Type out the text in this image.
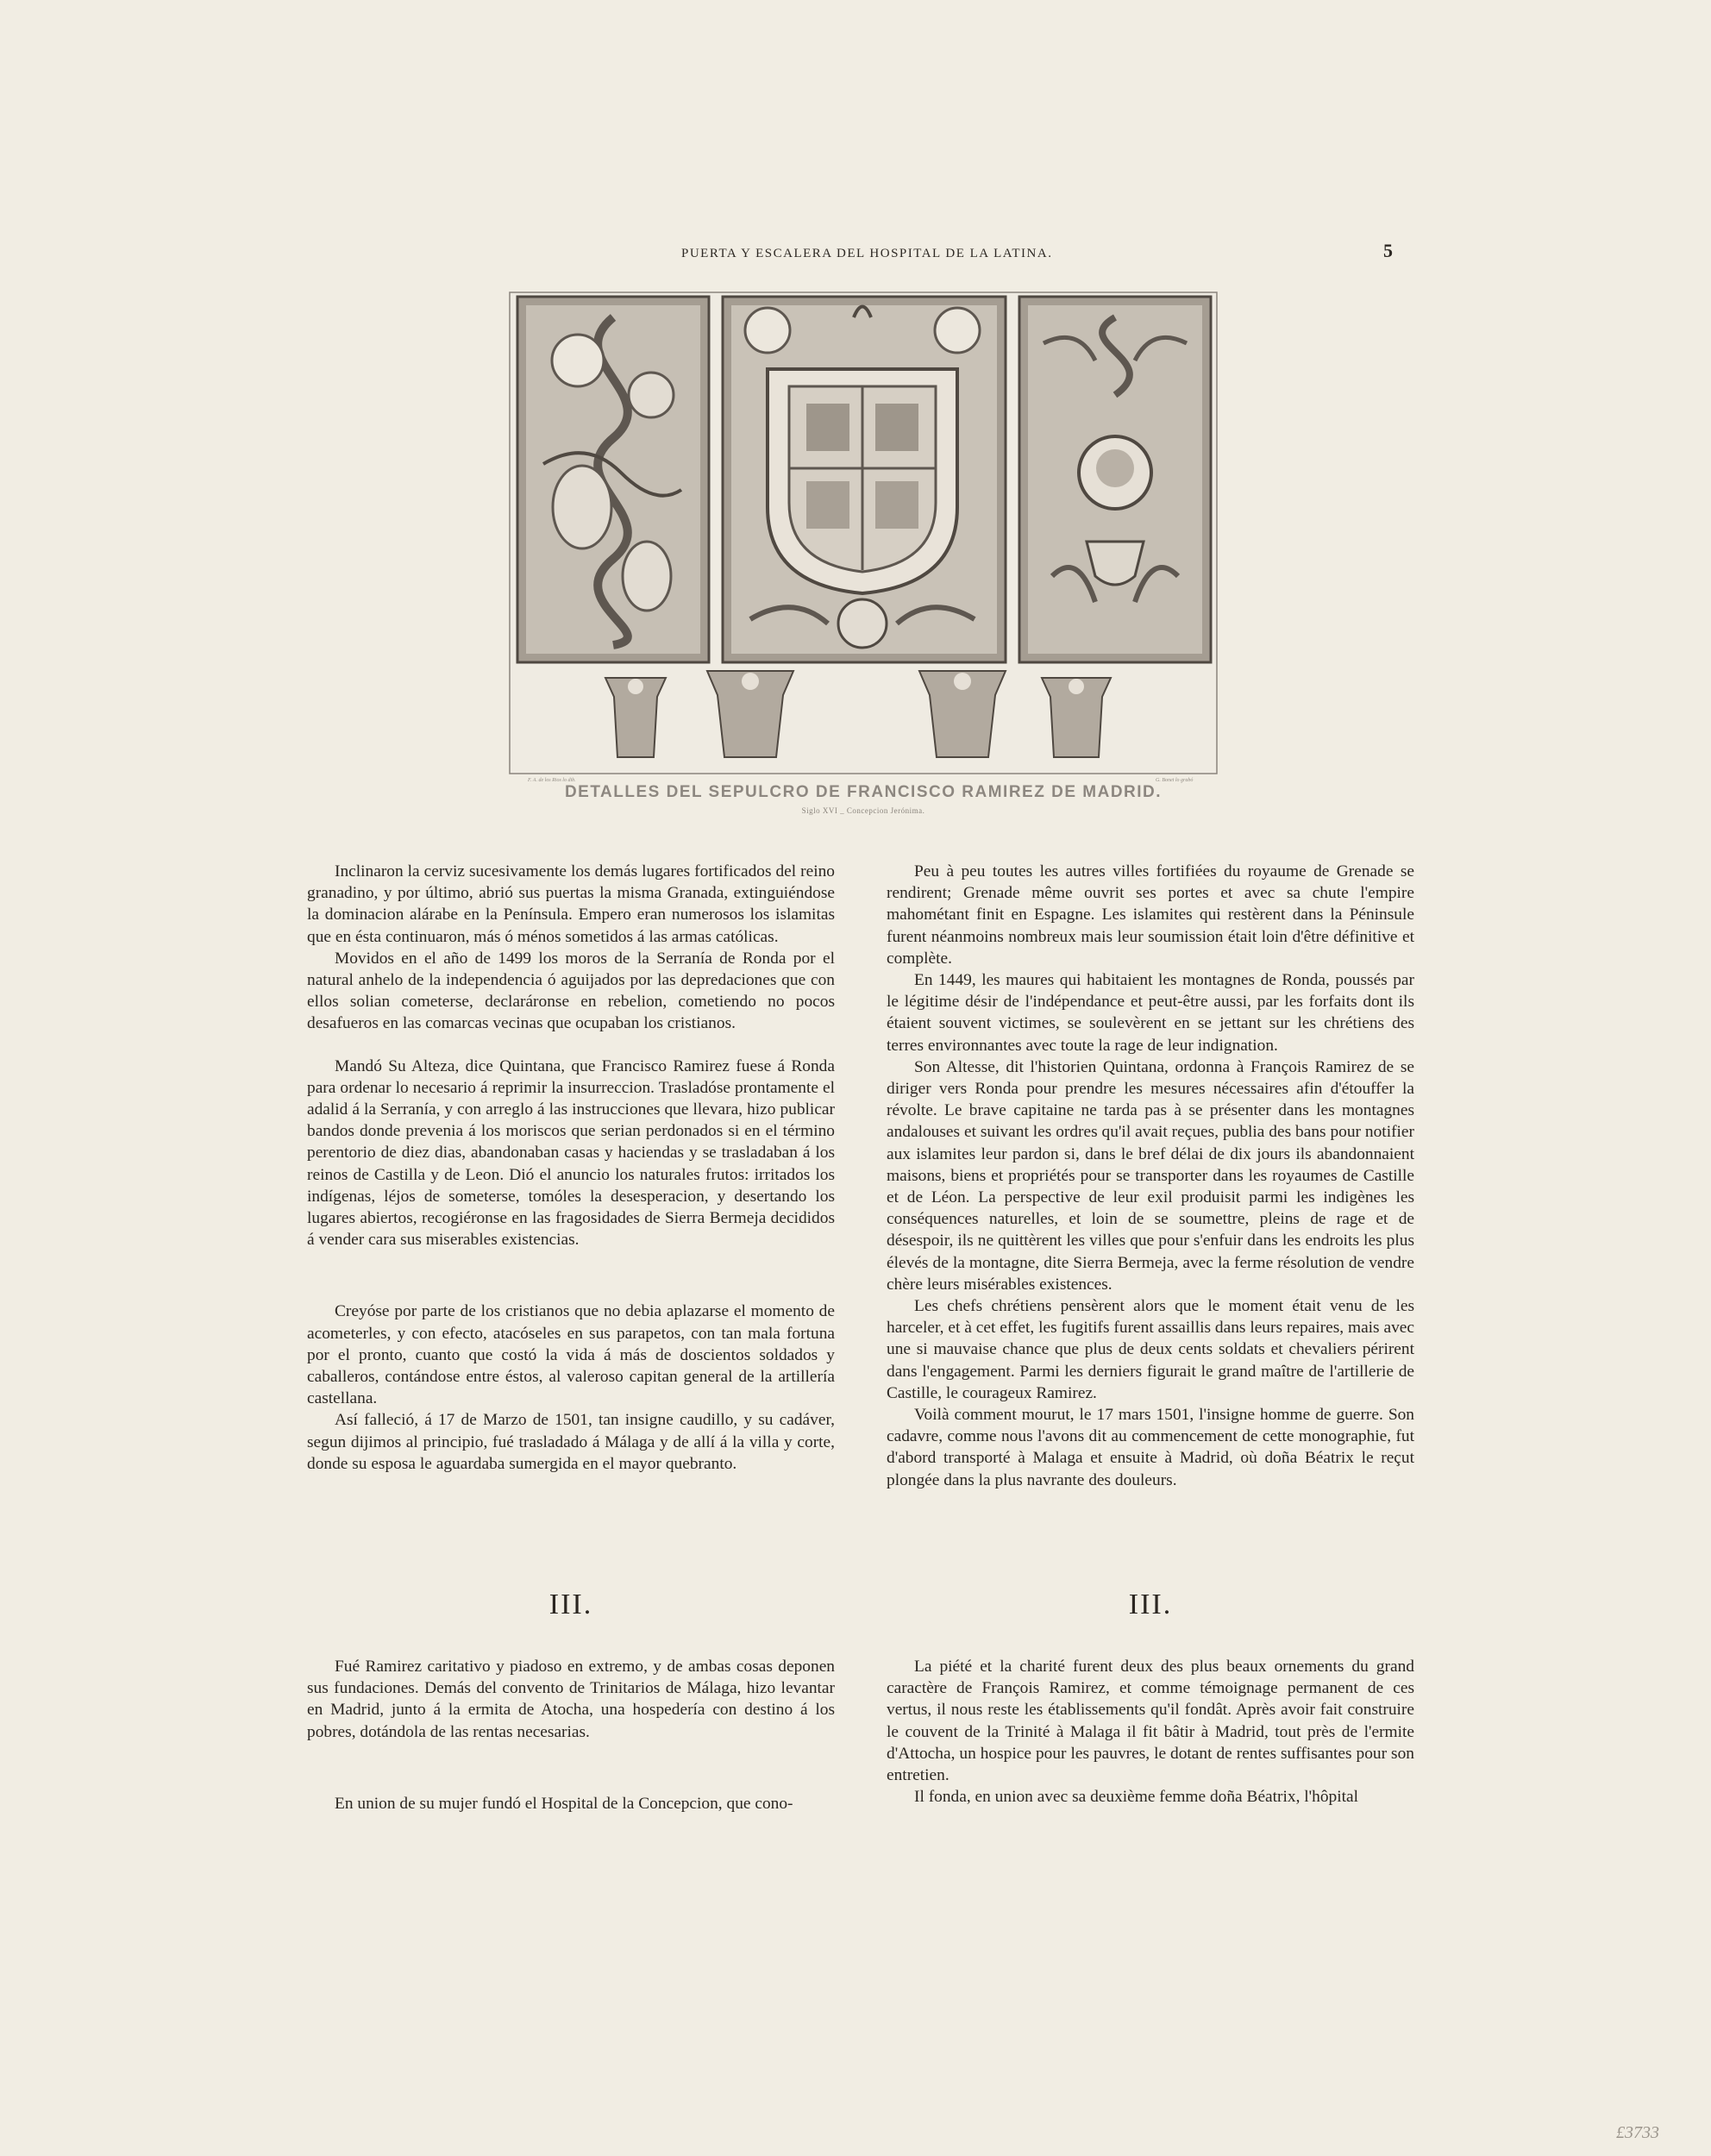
PUERTA Y ESCALERA DEL HOSPITAL DE LA LATINA.	5
F. A. de los Rios lo dib.	G. Bonet lo grabó
DETALLES DEL SEPULCRO DE FRANCISCO RAMIREZ DE MADRID.
Siglo XVI _ Concepcion Jerónima.

Inclinaron la cerviz sucesivamente los demás lugares fortificados del reino granadino, y por último, abrió sus puertas la misma Granada, extinguiéndose la dominacion alárabe en la Península. Empero eran numerosos los islamitas que en ésta continuaron, más ó ménos sometidos á las armas católicas.

Movidos en el año de 1499 los moros de la Serranía de Ronda por el natural anhelo de la independencia ó aguijados por las depredaciones que con ellos solian cometerse, declaráronse en rebelion, cometiendo no pocos desafueros en las comarcas vecinas que ocupaban los cristianos.

Mandó Su Alteza, dice Quintana, que Francisco Ramirez fuese á Ronda para ordenar lo necesario á reprimir la insurreccion. Trasladóse prontamente el adalid á la Serranía, y con arreglo á las instrucciones que llevara, hizo publicar bandos donde prevenia á los moriscos que serian perdonados si en el término perentorio de diez dias, abandonaban casas y haciendas y se trasladaban á los reinos de Castilla y de Leon. Dió el anuncio los naturales frutos: irritados los indígenas, léjos de someterse, tomóles la desesperacion, y desertando los lugares abiertos, recogiéronse en las fragosidades de Sierra Bermeja decididos á vender cara sus miserables existencias.

Creyóse por parte de los cristianos que no debia aplazarse el momento de acometerles, y con efecto, atacóseles en sus parapetos, con tan mala fortuna por el pronto, cuanto que costó la vida á más de doscientos soldados y caballeros, contándose entre éstos, al valeroso capitan general de la artillería castellana.

Así falleció, á 17 de Marzo de 1501, tan insigne caudillo, y su cadáver, segun dijimos al principio, fué trasladado á Málaga y de allí á la villa y corte, donde su esposa le aguardaba sumergida en el mayor quebranto.

Peu à peu toutes les autres villes fortifiées du royaume de Grenade se rendirent; Grenade même ouvrit ses portes et avec sa chute l'empire mahométant finit en Espagne. Les islamites qui restèrent dans la Péninsule furent néanmoins nombreux mais leur soumission était loin d'être définitive et complète.

En 1449, les maures qui habitaient les montagnes de Ronda, poussés par le légitime désir de l'indépendance et peut-être aussi, par les forfaits dont ils étaient souvent victimes, se soulevèrent en se jettant sur les chrétiens des terres environnantes avec toute la rage de leur indignation.

Son Altesse, dit l'historien Quintana, ordonna à François Ramirez de se diriger vers Ronda pour prendre les mesures nécessaires afin d'étouffer la révolte. Le brave capitaine ne tarda pas à se présenter dans les montagnes andalouses et suivant les ordres qu'il avait reçues, publia des bans pour notifier aux islamites leur pardon si, dans le bref délai de dix jours ils abandonnaient maisons, biens et propriétés pour se transporter dans les royaumes de Castille et de Léon. La perspective de leur exil produisit parmi les indigènes les conséquences naturelles, et loin de se soumettre, pleins de rage et de désespoir, ils ne quittèrent les villes que pour s'enfuir dans les endroits les plus élevés de la montagne, dite Sierra Bermeja, avec la ferme résolution de vendre chère leurs misérables existences.

Les chefs chrétiens pensèrent alors que le moment était venu de les harceler, et à cet effet, les fugitifs furent assaillis dans leurs repaires, mais avec une si mauvaise chance que plus de deux cents soldats et chevaliers périrent dans l'engagement. Parmi les derniers figurait le grand maître de l'artillerie de Castille, le courageux Ramirez.

Voilà comment mourut, le 17 mars 1501, l'insigne homme de guerre. Son cadavre, comme nous l'avons dit au commencement de cette monographie, fut d'abord transporté à Malaga et ensuite à Madrid, où doña Béatrix le reçut plongée dans la plus navrante des douleurs.

III.	III.

Fué Ramirez caritativo y piadoso en extremo, y de ambas cosas deponen sus fundaciones. Demás del convento de Trinitarios de Málaga, hizo levantar en Madrid, junto á la ermita de Atocha, una hospedería con destino á los pobres, dotándola de las rentas necesarias.

En union de su mujer fundó el Hospital de la Concepcion, que cono-

La piété et la charité furent deux des plus beaux ornements du grand caractère de François Ramirez, et comme témoignage permanent de ces vertus, il nous reste les établissements qu'il fondât. Après avoir fait construire le couvent de la Trinité à Malaga il fit bâtir à Madrid, tout près de l'ermite d'Attocha, un hospice pour les pauvres, le dotant de rentes suffisantes pour son entretien.

Il fonda, en union avec sa deuxième femme doña Béatrix, l'hôpital

£3733
